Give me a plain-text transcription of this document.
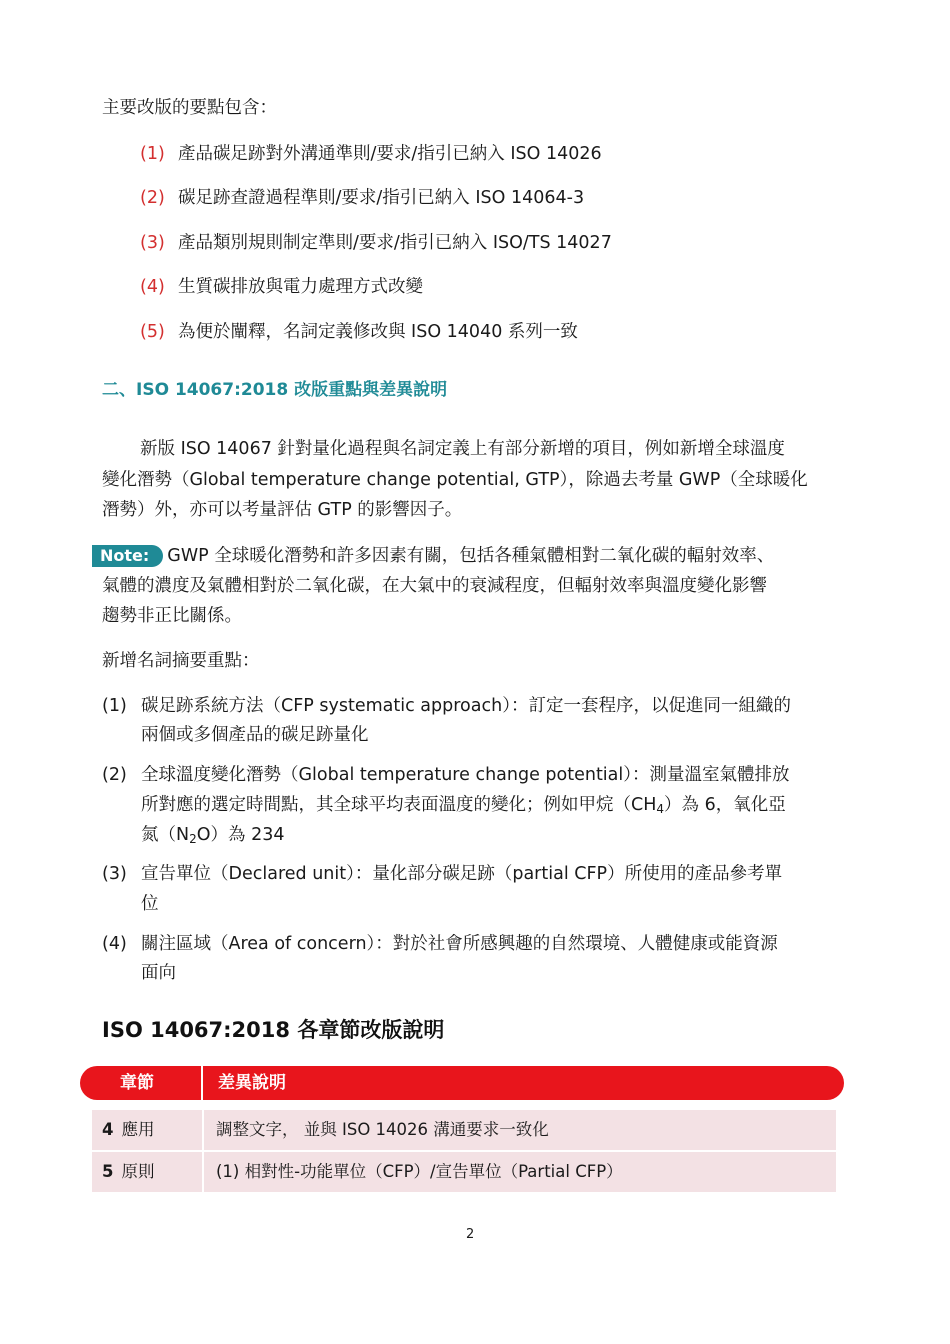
主要改版的要點包含：
(1) 產品碳足跡對外溝通準則/要求/指引已納入 ISO 14026
(2) 碳足跡查證過程準則/要求/指引已納入 ISO 14064-3
(3) 產品類別規則制定準則/要求/指引已納入 ISO/TS 14027
(4) 生質碳排放與電力處理方式改變
(5) 為便於闡釋，名詞定義修改與 ISO 14040 系列一致
二、ISO 14067:2018 改版重點與差異說明
新版 ISO 14067 針對量化過程與名詞定義上有部分新增的項目，例如新增全球溫度
變化潛勢（Global temperature change potential, GTP），除過去考量 GWP（全球暖化
潛勢）外，亦可以考量評估 GTP 的影響因子。
Note: GWP 全球暖化潛勢和許多因素有關，包括各種氣體相對二氧化碳的輻射效率、
氣體的濃度及氣體相對於二氧化碳，在大氣中的衰減程度，但輻射效率與溫度變化影響
趨勢非正比關係。
新增名詞摘要重點：
(1) 碳足跡系統方法（CFP systematic approach）：訂定一套程序，以促進同一組織的
兩個或多個產品的碳足跡量化
(2) 全球溫度變化潛勢（Global temperature change potential）：測量溫室氣體排放
所對應的選定時間點，其全球平均表面溫度的變化；例如甲烷$(CH_4)$為 6，氧化亞
氮$(N_2O)$為 234
(3) 宣告單位（Declared unit）：量化部分碳足跡（partial CFP）所使用的產品參考單
位
(4) 關注區域（Area of concern）：對於社會所感興趣的自然環境、人體健康或能資源
面向
ISO 14067:2018 各章節改版說明
章節	差異說明
4 應用	調整文字， 並與 ISO 14026 溝通要求一致化
5 原則	(1) 相對性-功能單位（CFP）/宣告單位（Partial CFP）
2
